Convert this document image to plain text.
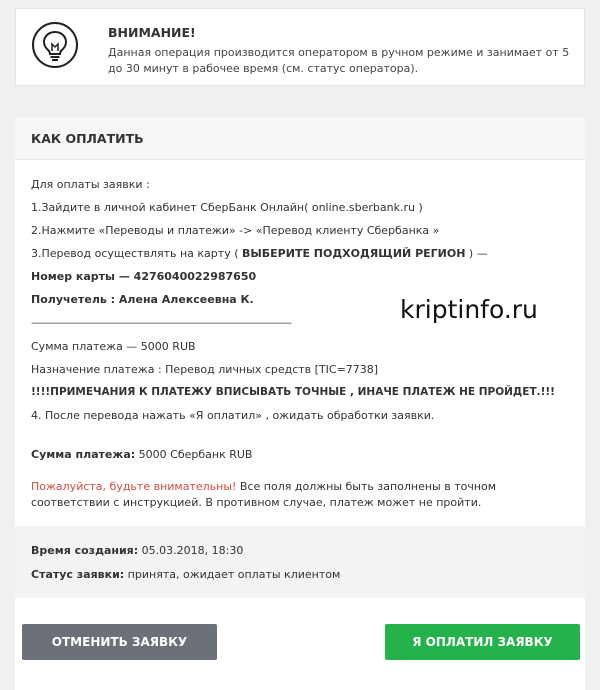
ВНИМАНИЕ!
Данная операция производится оператором в ручном режиме и занимает от 5 до 30 минут в рабочее время (см. статус оператора).
КАК ОПЛАТИТЬ
Для оплаты заявки :
1.Зайдите в личной кабинет СберБанк Онлайн( online.sberbank.ru )
2.Нажмите «Переводы и платежи» -> «Перевод клиенту Сбербанка »
3.Перевод осуществлять на карту ( ВЫБЕРИТЕ ПОДХОДЯЩИЙ РЕГИОН ) —
Номер карты — 4276040022987650
Получетель : Алена Алексеевна К.
——————————————————————————
Сумма платежа — 5000 RUB
Назначение платежа : Перевод личных средств [TIC=7738]
!!!!ПРИМЕЧАНИЯ К ПЛАТЕЖУ ВПИСЫВАТЬ ТОЧНЫЕ , ИНАЧЕ ПЛАТЕЖ НЕ ПРОЙДЕТ.!!!
4. После перевода нажать «Я оплатил» , ожидать обработки заявки.
Сумма платежа: 5000 Сбербанк RUB
Пожалуйста, будьте внимательны! Все поля должны быть заполнены в точном соответствии с инструкцией. В противном случае, платеж может не пройти.
kriptinfo.ru
Время создания: 05.03.2018, 18:30
Статус заявки: принята, ожидает оплаты клиентом
ОТМЕНИТЬ ЗАЯВКУ	Я ОПЛАТИЛ ЗАЯВКУ
